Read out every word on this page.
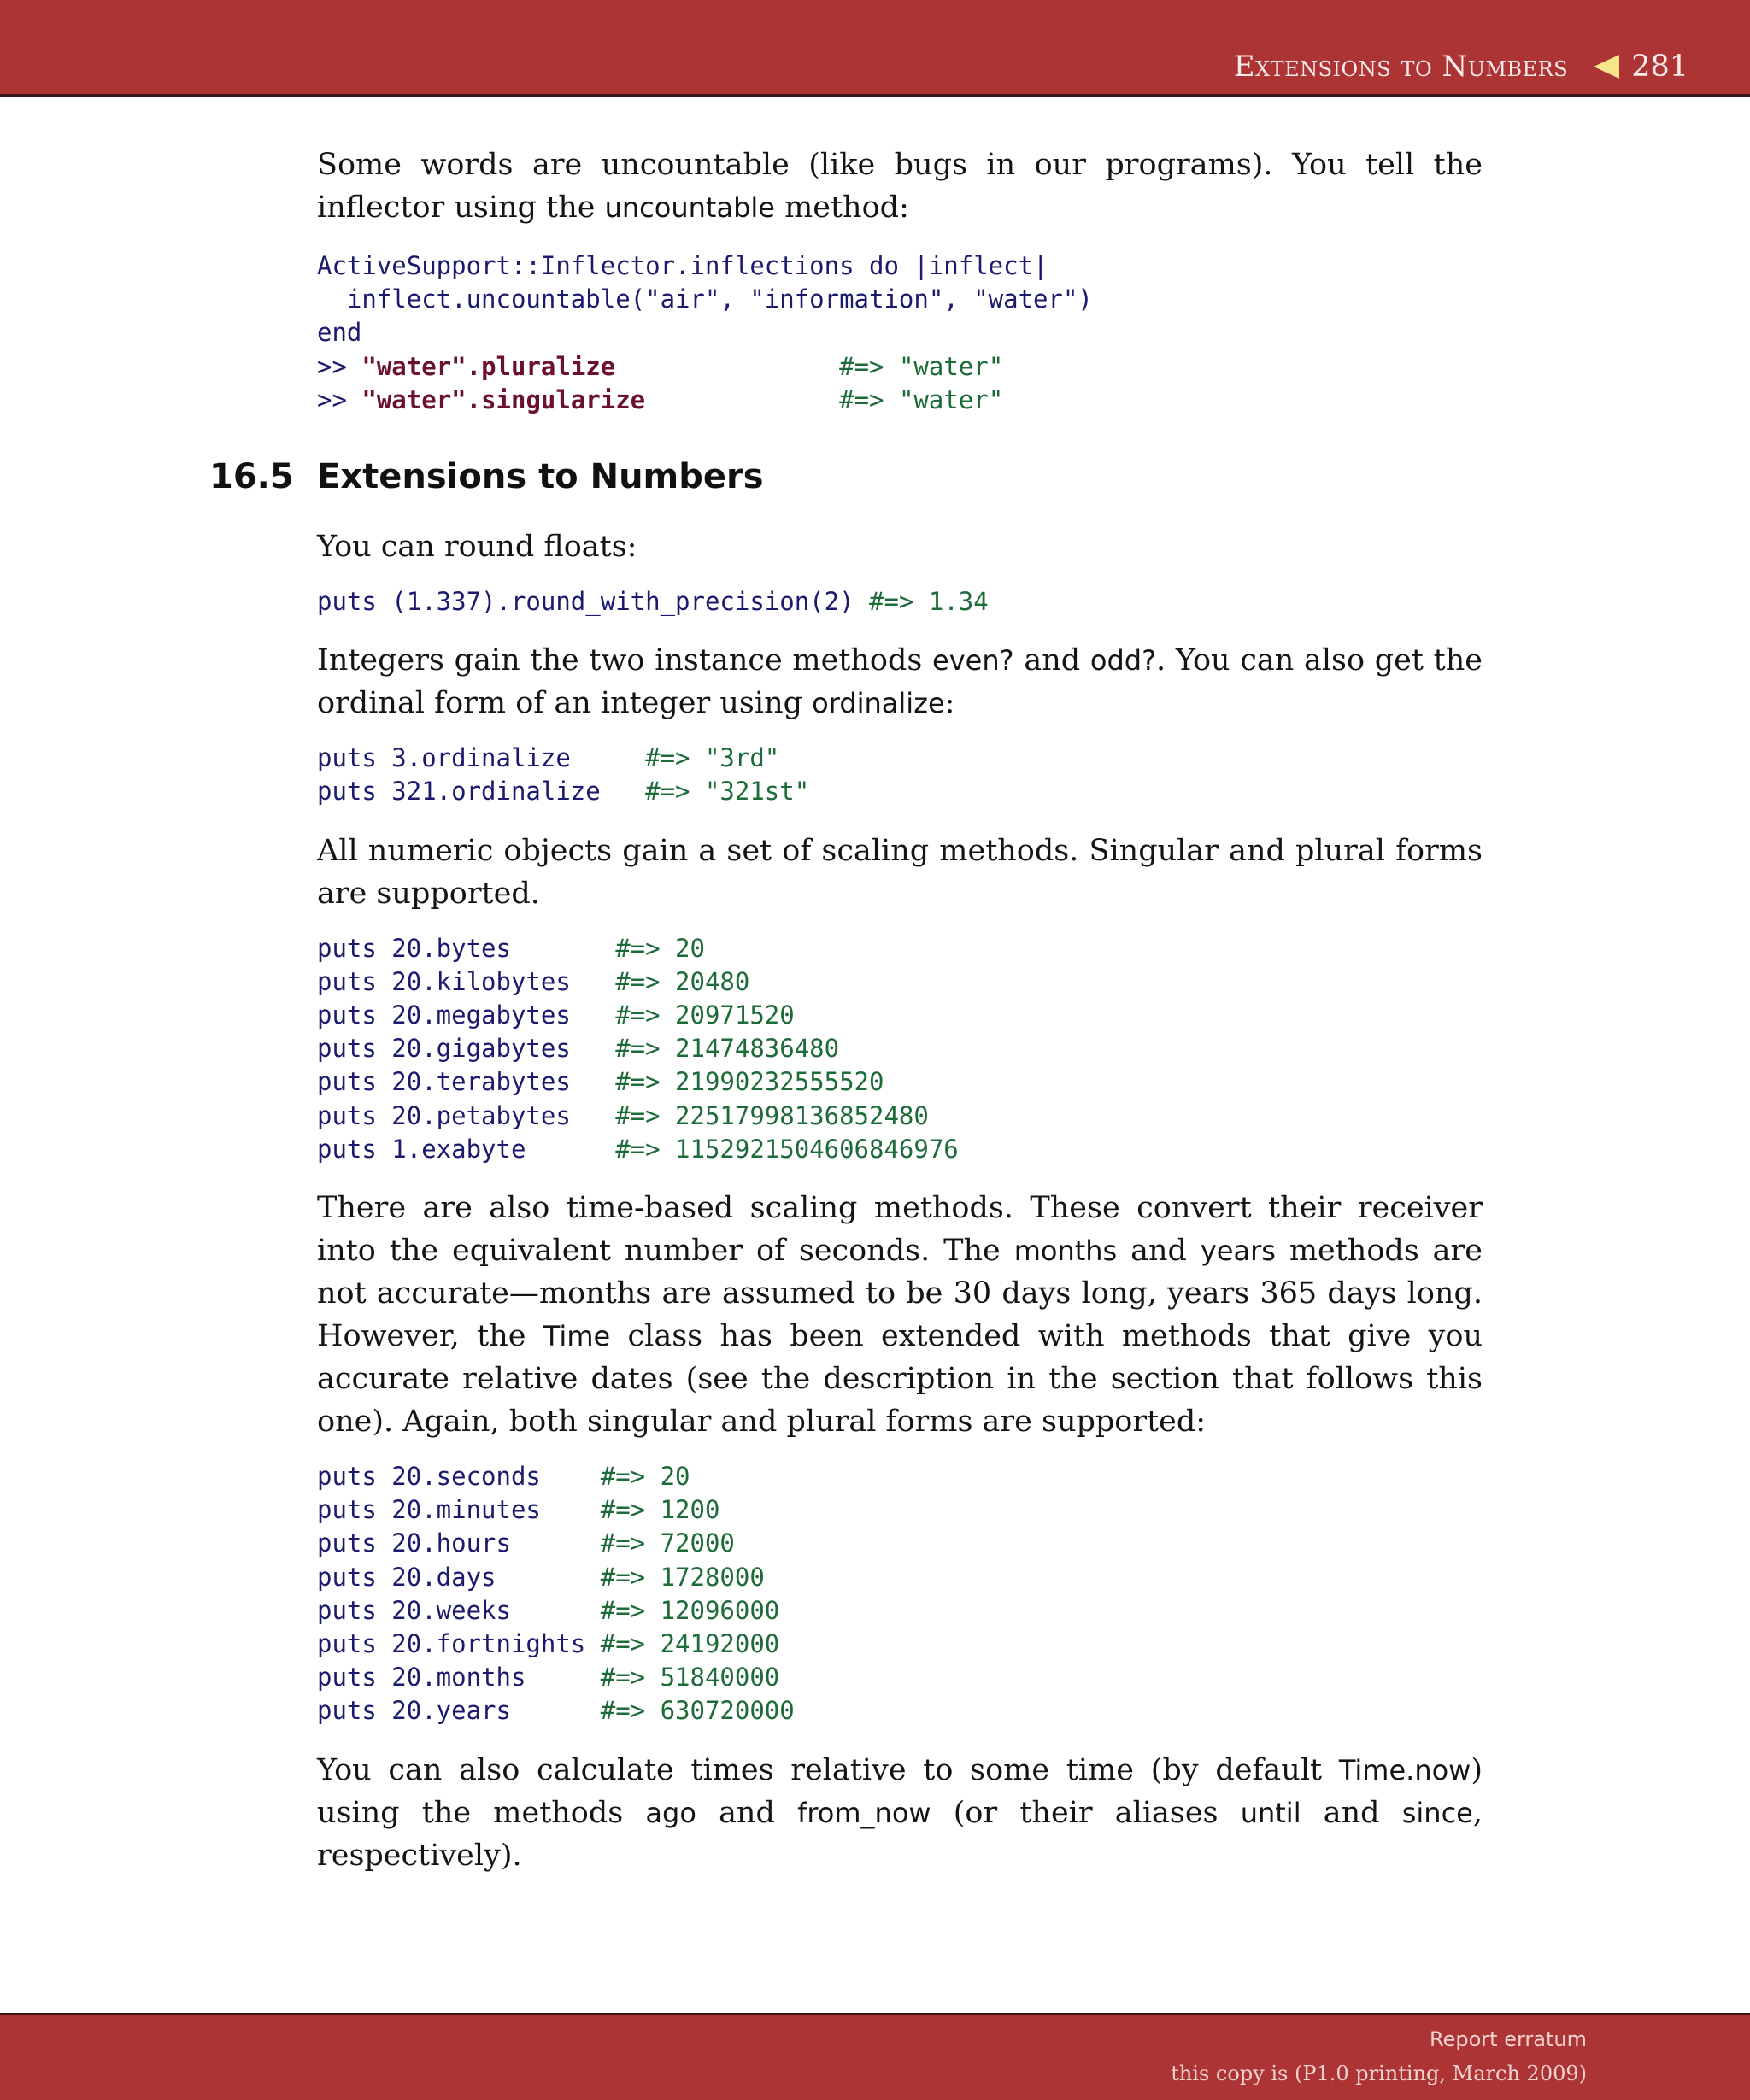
Extensions to Numbers 281

Some words are uncountable (like bugs in our programs). You tell the inflector using the uncountable method:

ActiveSupport::Inflector.inflections do |inflect|
inflect.uncountable("air", "information", "water")
end
>> "water".pluralize	#=> "water"
>> "water".singularize	#=> "water"
16.5 Extensions to Numbers

You can round floats:

puts (1.337).round_with_precision(2) #=> 1.34

Integers gain the two instance methods even? and odd?. You can also get the ordinal form of an integer using ordinalize:

puts 3.ordinalize     #=> "3rd"
puts 321.ordinalize   #=> "321st"

All numeric objects gain a set of scaling methods. Singular and plural forms are supported.

puts 20.bytes       #=> 20
puts 20.kilobytes   #=> 20480
puts 20.megabytes   #=> 20971520
puts 20.gigabytes   #=> 21474836480
puts 20.terabytes   #=> 21990232555520
puts 20.petabytes   #=> 22517998136852480
puts 1.exabyte      #=> 1152921504606846976

There are also time-based scaling methods. These convert their receiver into the equivalent number of seconds. The months and years methods are not accurate—months are assumed to be 30 days long, years 365 days long. However, the Time class has been extended with methods that give you accurate relative dates (see the description in the section that follows this one). Again, both singular and plural forms are supported:

puts 20.seconds    #=> 20
puts 20.minutes    #=> 1200
puts 20.hours      #=> 72000
puts 20.days       #=> 1728000
puts 20.weeks      #=> 12096000
puts 20.fortnights #=> 24192000
puts 20.months     #=> 51840000
puts 20.years      #=> 630720000

You can also calculate times relative to some time (by default Time.now) using the methods ago and from_now (or their aliases until and since, respectively).

Report erratum
this copy is (P1.0 printing, March 2009)
